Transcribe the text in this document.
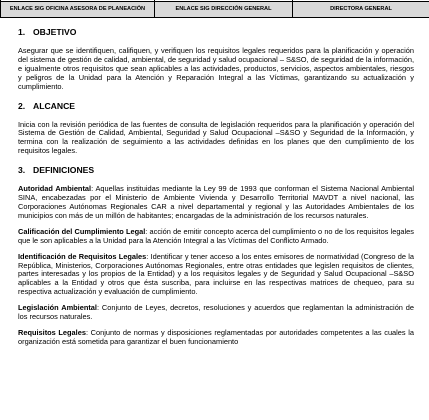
ENLACE SIG OFICINA ASESORA DE PLANEACIÓN	ENLACE SIG DIRECCIÓN GENERAL	DIRECTORA GENERAL
1. OBJETIVO

Asegurar que se identifiquen, califiquen, y verifiquen los requisitos legales requeridos para la planificación y operación del sistema de gestión de calidad, ambiental, de seguridad y salud ocupacional – S&SO, de seguridad de la información, e igualmente otros requisitos que sean aplicables a las actividades, productos, servicios, aspectos ambientales, riesgos y peligros de la Unidad para la Atención y Reparación Integral a las Víctimas, garantizando su actualización y cumplimiento.

2. ALCANCE

Inicia con la revisión periódica de las fuentes de consulta de legislación requeridos para la planificación y operación del Sistema de Gestión de Calidad, Ambiental, Seguridad y Salud Ocupacional –S&SO y Seguridad de la Información, y termina con la realización de seguimiento a las actividades definidas en los planes que den cumplimiento de los requisitos legales.

3. DEFINICIONES

Autoridad Ambiental: Aquellas instituidas mediante la Ley 99 de 1993 que conforman el Sistema Nacional Ambiental SINA, encabezadas por el Ministerio de Ambiente Vivienda y Desarrollo Territorial MAVDT a nivel nacional, las Corporaciones Autónomas Regionales CAR a nivel departamental y regional y las Autoridades Ambientales de los municipios con más de un millón de habitantes; encargadas de la administración de los recursos naturales.

Calificación del Cumplimiento Legal: acción de emitir concepto acerca del cumplimiento o no de los requisitos legales que le son aplicables a la Unidad para la Atención Integral a las Víctimas del Conflicto Armado.

Identificación de Requisitos Legales: Identificar y tener acceso a los entes emisores de normatividad (Congreso de la República, Ministerios, Corporaciones Autónomas Regionales, entre otras entidades que legislen requisitos de clientes, partes interesadas y los propios de la Entidad) y a los requisitos legales y de Seguridad y Salud Ocupacional –S&SO aplicables a la Entidad y otros que ésta suscriba, para incluirse en las respectivas matrices de chequeo, para su respectiva actualización y evaluación de cumplimiento.

Legislación Ambiental: Conjunto de Leyes, decretos, resoluciones y acuerdos que reglamentan la administración de los recursos naturales.

Requisitos Legales: Conjunto de normas y disposiciones reglamentadas por autoridades competentes a las cuales la organización está sometida para garantizar el buen funcionamiento
